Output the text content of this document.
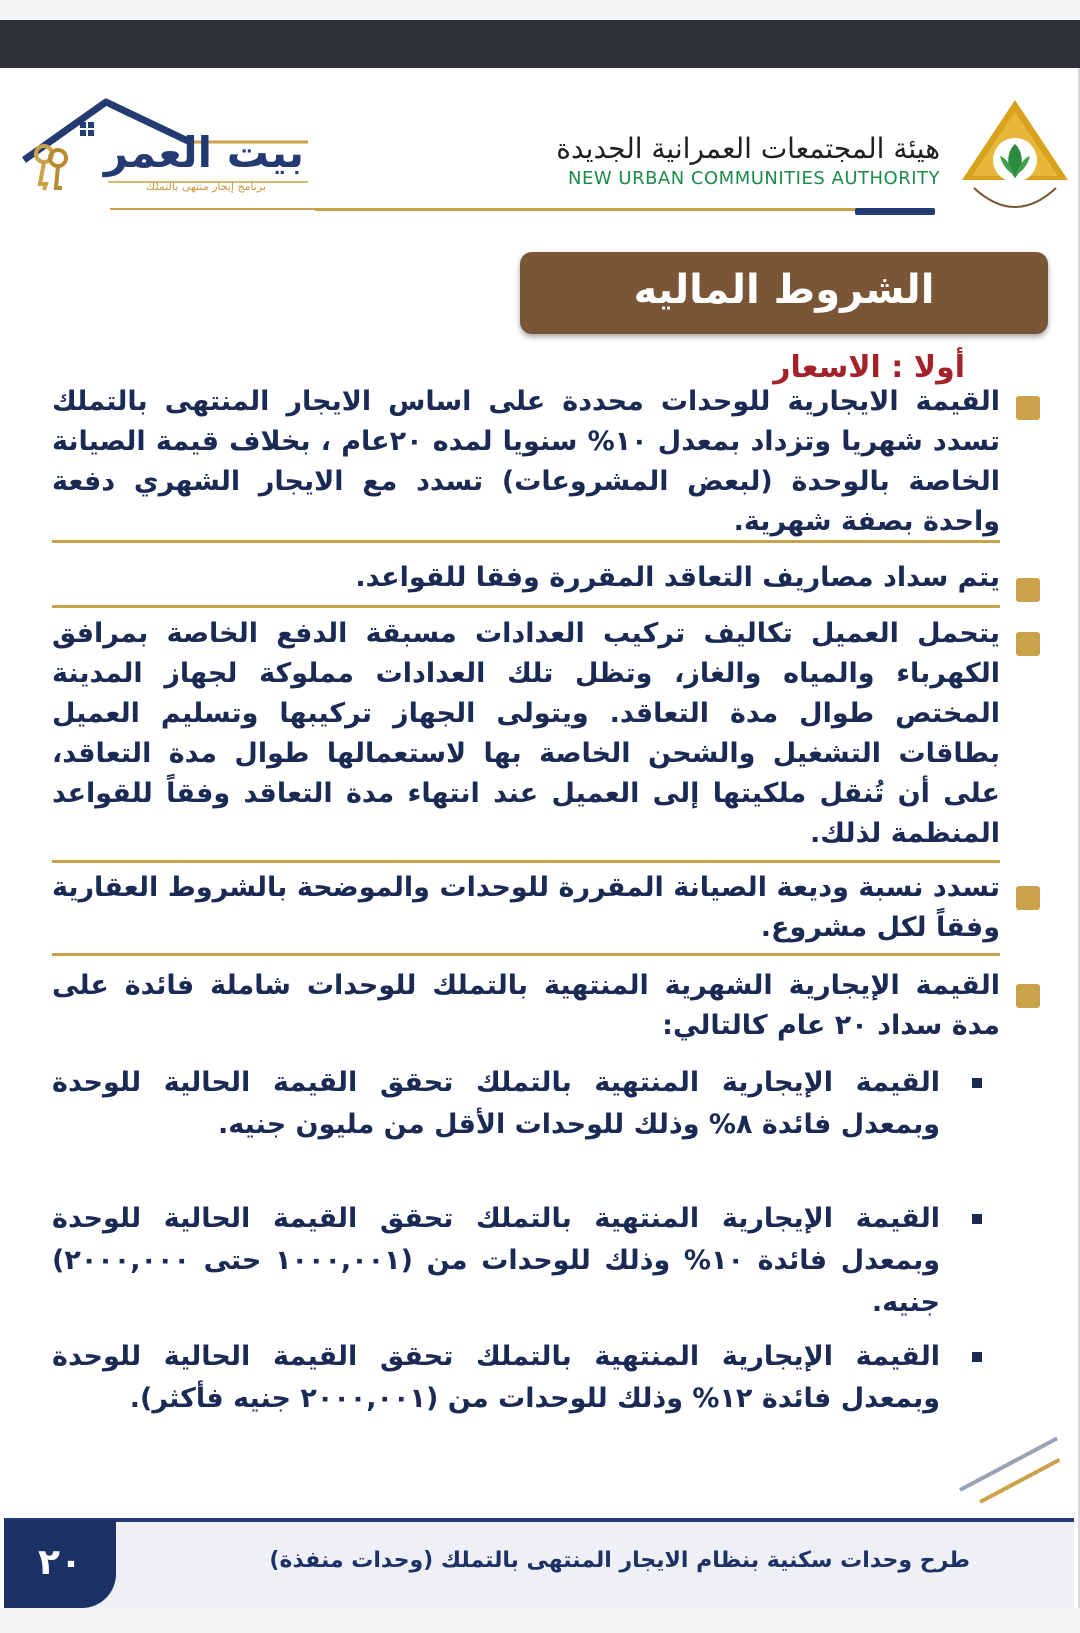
بيت العمر
برنامج إيجار منتهى بالتملك
هيئة المجتمعات العمرانية الجديدة
NEW URBAN COMMUNITIES AUTHORITY
الشروط الماليه
أولا : الاسعار
القيمة الايجارية للوحدات محددة على اساس الايجار المنتهى بالتملك تسدد شهريا وتزداد بمعدل ١٠% سنويا لمده ٢٠عام ، بخلاف قيمة الصيانة الخاصة بالوحدة (لبعض المشروعات) تسدد مع الايجار الشهري دفعة واحدة بصفة شهرية.
يتم سداد مصاريف التعاقد المقررة وفقا للقواعد.
يتحمل العميل تكاليف تركيب العدادات مسبقة الدفع الخاصة بمرافق الكهرباء والمياه والغاز، وتظل تلك العدادات مملوكة لجهاز المدينة المختص طوال مدة التعاقد. ويتولى الجهاز تركيبها وتسليم العميل بطاقات التشغيل والشحن الخاصة بها لاستعمالها طوال مدة التعاقد، على أن تُنقل ملكيتها إلى العميل عند انتهاء مدة التعاقد وفقاً للقواعد المنظمة لذلك.
تسدد نسبة وديعة الصيانة المقررة للوحدات والموضحة بالشروط العقارية وفقاً لكل مشروع.
القيمة الإيجارية الشهرية المنتهية بالتملك للوحدات شاملة فائدة على مدة سداد ٢٠ عام كالتالي:
القيمة الإيجارية المنتهية بالتملك تحقق القيمة الحالية للوحدة وبمعدل فائدة ٨% وذلك للوحدات الأقل من مليون جنيه.
القيمة الإيجارية المنتهية بالتملك تحقق القيمة الحالية للوحدة وبمعدل فائدة ١٠% وذلك للوحدات من (١٠٠٠,٠٠١ حتى ٢٠٠٠,٠٠٠) جنيه.
القيمة الإيجارية المنتهية بالتملك تحقق القيمة الحالية للوحدة وبمعدل فائدة ١٢% وذلك للوحدات من (٢٠٠٠,٠٠١ جنيه فأكثر).
٢٠	طرح وحدات سكنية بنظام الايجار المنتهى بالتملك (وحدات منفذة)
